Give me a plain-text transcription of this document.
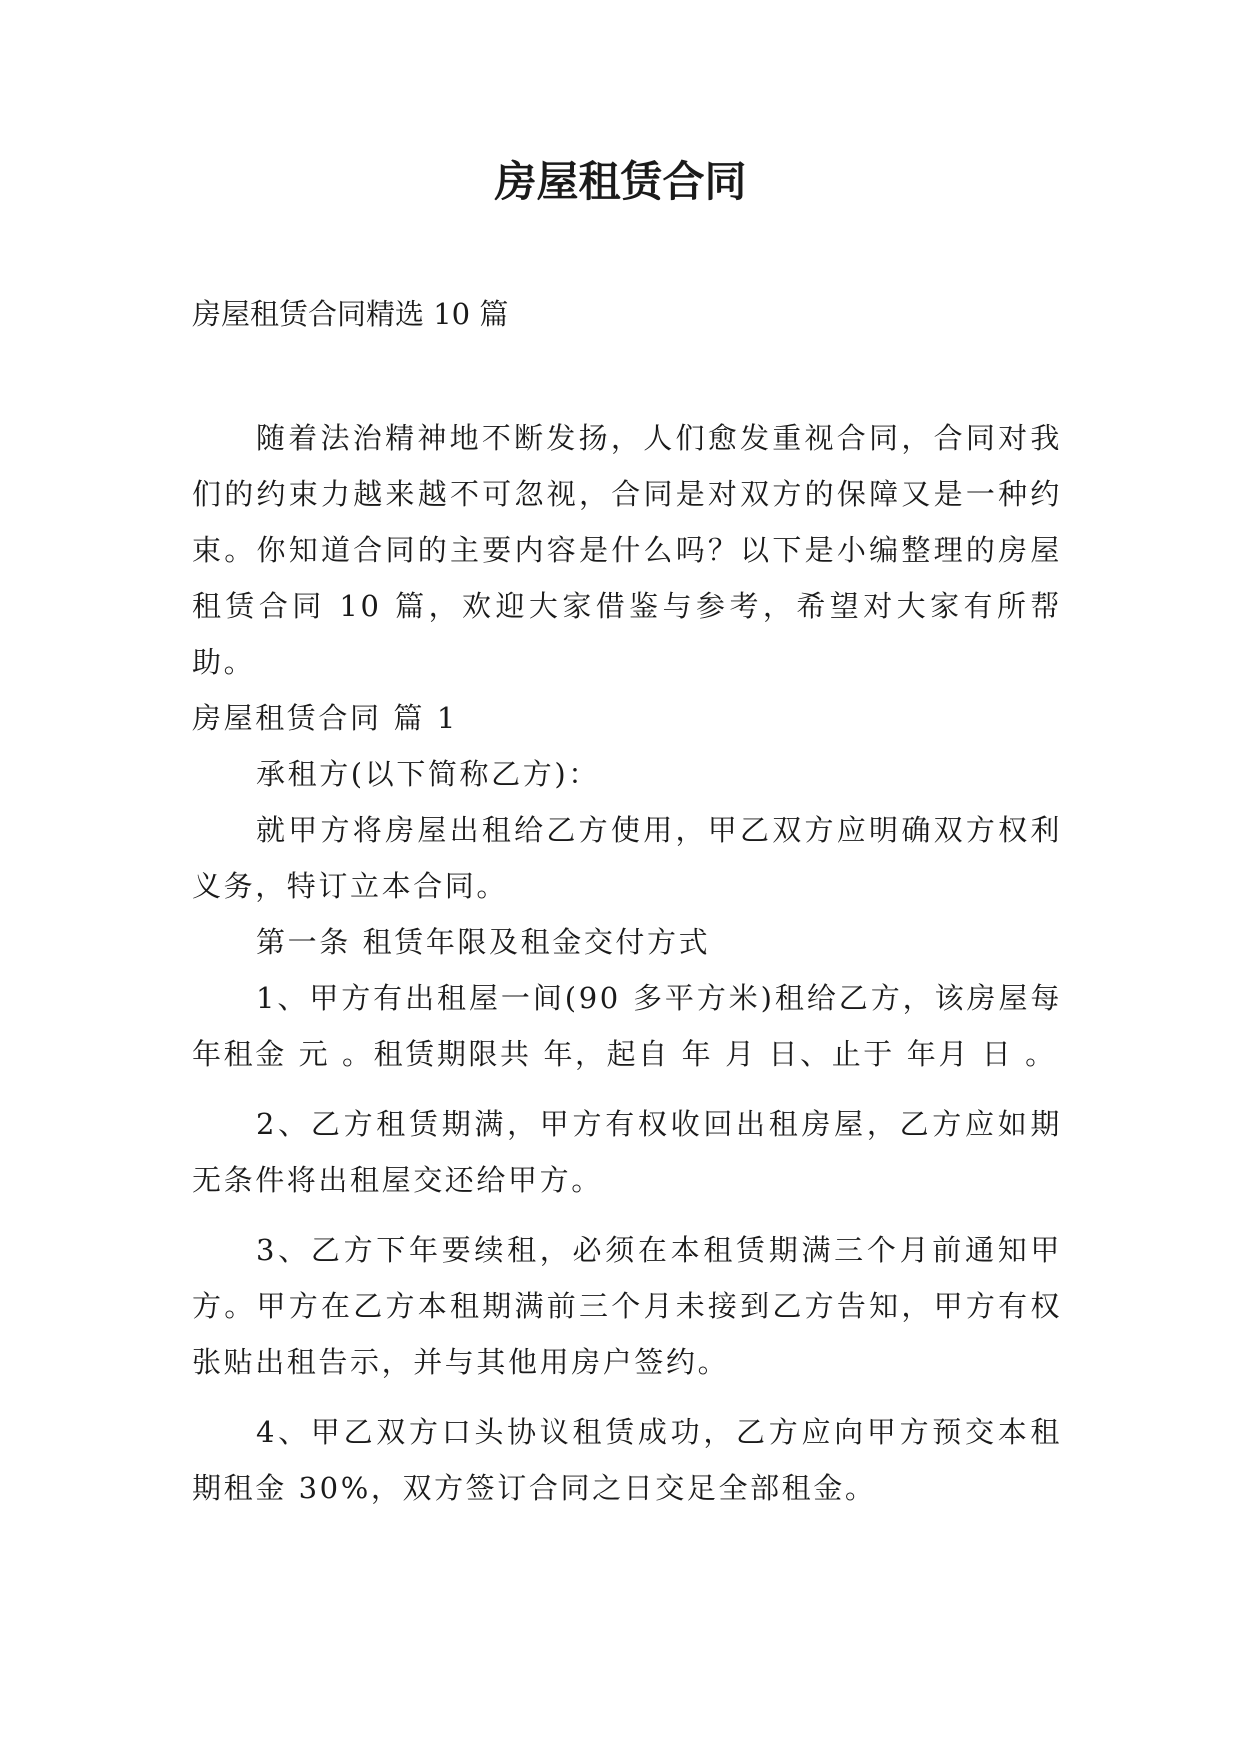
房屋租赁合同
房屋租赁合同精选 10 篇

随着法治精神地不断发扬，人们愈发重视合同，合同对我们的约束力越来越不可忽视，合同是对双方的保障又是一种约束。你知道合同的主要内容是什么吗？以下是小编整理的房屋租赁合同 10 篇，欢迎大家借鉴与参考，希望对大家有所帮助。

房屋租赁合同 篇 1

承租方(以下简称乙方)：

就甲方将房屋出租给乙方使用，甲乙双方应明确双方权利义务，特订立本合同。

第一条 租赁年限及租金交付方式

1、甲方有出租屋一间(90 多平方米)租给乙方，该房屋每年租金 元 。租赁期限共 年，起自 年 月 日、止于 年月 日 。

2、乙方租赁期满，甲方有权收回出租房屋，乙方应如期无条件将出租屋交还给甲方。

3、乙方下年要续租，必须在本租赁期满三个月前通知甲方。甲方在乙方本租期满前三个月未接到乙方告知，甲方有权张贴出租告示，并与其他用房户签约。

4、甲乙双方口头协议租赁成功，乙方应向甲方预交本租期租金 30%，双方签订合同之日交足全部租金。
